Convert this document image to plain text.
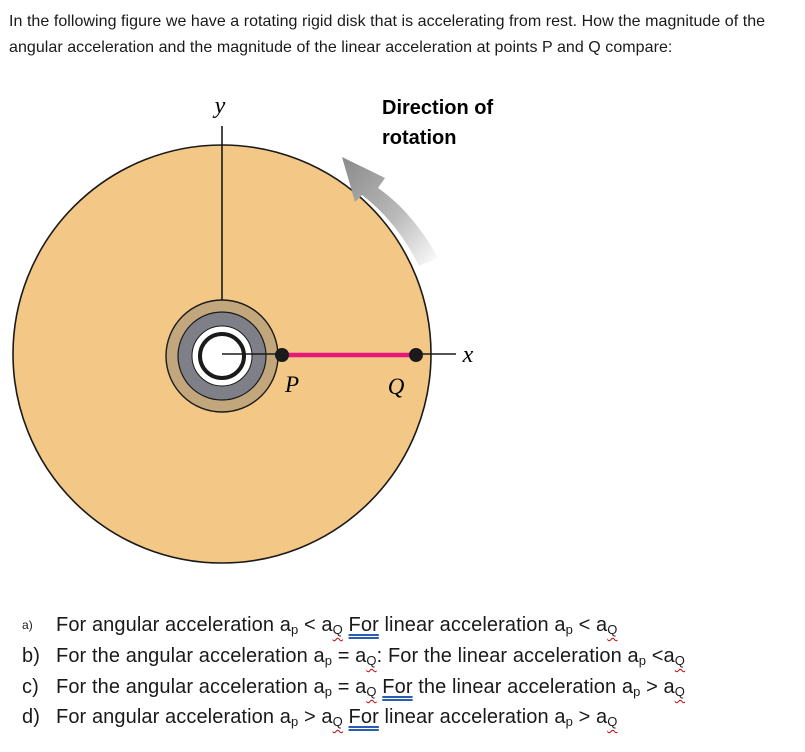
In the following figure we have a rotating rigid disk that is accelerating from rest. How the magnitude of the angular acceleration and the magnitude of the linear acceleration at points P and Q compare:
y
x
P	Q
Direction of
rotation
a) For angular acceleration $a_p < a_Q$ For linear acceleration $a_p < a_Q$
b) For the angular acceleration $a_p = a_Q$: For the linear acceleration $a_p <a_Q$
c) For the angular acceleration $a_p = a_Q$ For the linear acceleration $a_p > a_Q$
d) For angular acceleration $a_p > a_Q$ For linear acceleration $a_p > a_Q$
